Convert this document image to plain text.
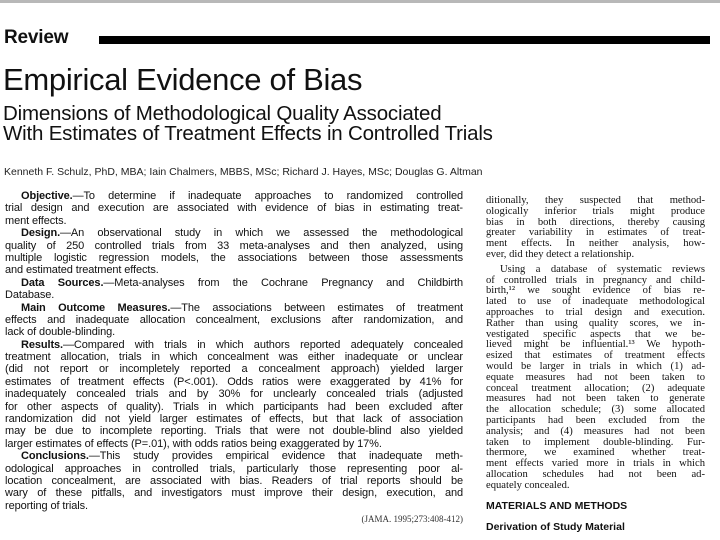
Review
Empirical Evidence of Bias
Dimensions of Methodological Quality Associated
With Estimates of Treatment Effects in Controlled Trials
Kenneth F. Schulz, PhD, MBA; Iain Chalmers, MBBS, MSc; Richard J. Hayes, MSc; Douglas G. Altman
Objective.—To determine if inadequate approaches to randomized controlled
trial design and execution are associated with evidence of bias in estimating treat-
ment effects.
Design.—An observational study in which we assessed the methodological
quality of 250 controlled trials from 33 meta-analyses and then analyzed, using
multiple logistic regression models, the associations between those assessments
and estimated treatment effects.
Data Sources.—Meta-analyses from the Cochrane Pregnancy and Childbirth
Database.
Main Outcome Measures.—The associations between estimates of treatment
effects and inadequate allocation concealment, exclusions after randomization, and
lack of double-blinding.
Results.—Compared with trials in which authors reported adequately concealed
treatment allocation, trials in which concealment was either inadequate or unclear
(did not report or incompletely reported a concealment approach) yielded larger
estimates of treatment effects (P<.001). Odds ratios were exaggerated by 41% for
inadequately concealed trials and by 30% for unclearly concealed trials (adjusted
for other aspects of quality). Trials in which participants had been excluded after
randomization did not yield larger estimates of effects, but that lack of association
may be due to incomplete reporting. Trials that were not double-blind also yielded
larger estimates of effects (P=.01), with odds ratios being exaggerated by 17%.
Conclusions.—This study provides empirical evidence that inadequate meth-
odological approaches in controlled trials, particularly those representing poor al-
location concealment, are associated with bias. Readers of trial reports should be
wary of these pitfalls, and investigators must improve their design, execution, and
reporting of trials.
(JAMA. 1995;273:408-412)
ditionally, they suspected that method-
ologically inferior trials might produce
bias in both directions, thereby causing
greater variability in estimates of treat-
ment effects. In neither analysis, how-
ever, did they detect a relationship.
Using a database of systematic reviews
of controlled trials in pregnancy and child-
birth,¹² we sought evidence of bias re-
lated to use of inadequate methodological
approaches to trial design and execution.
Rather than using quality scores, we in-
vestigated specific aspects that we be-
lieved might be influential.¹³ We hypoth-
esized that estimates of treatment effects
would be larger in trials in which (1) ad-
equate measures had not been taken to
conceal treatment allocation; (2) adequate
measures had not been taken to generate
the allocation schedule; (3) some allocated
participants had been excluded from the
analysis; and (4) measures had not been
taken to implement double-blinding. Fur-
thermore, we examined whether treat-
ment effects varied more in trials in which
allocation schedules had not been ad-
equately concealed.
MATERIALS AND METHODS
Derivation of Study Material
